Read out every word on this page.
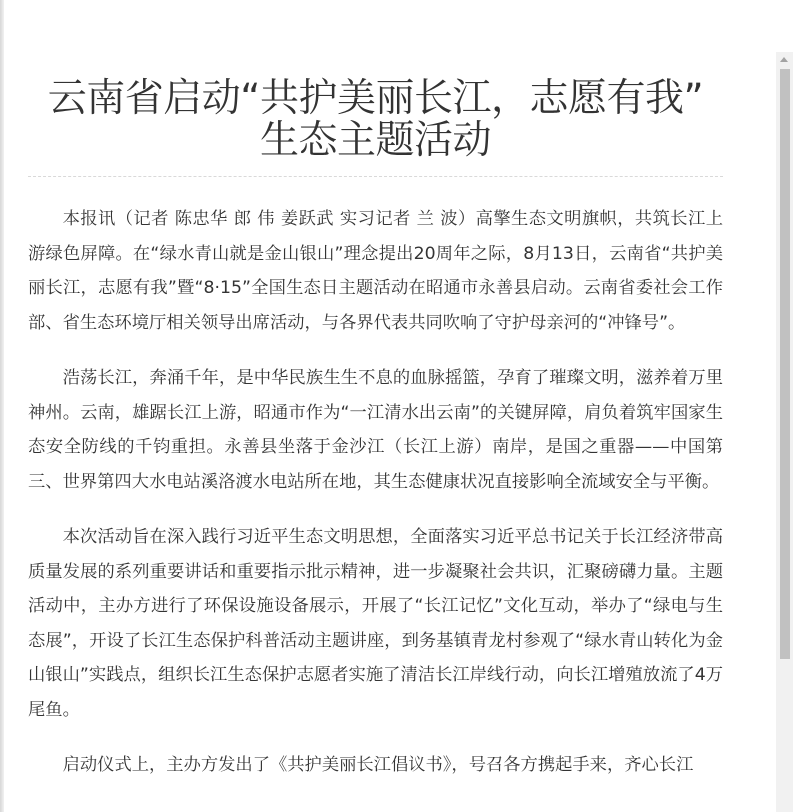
云南省启动“共护美丽长江，志愿有我”
生态主题活动

本报讯（记者 陈忠华 郎 伟 姜跃武 实习记者 兰 波）高擎生态文明旗帜，共筑长江上游绿色屏障。在“绿水青山就是金山银山”理念提出20周年之际，8月13日，云南省“共护美丽长江，志愿有我”暨“8·15”全国生态日主题活动在昭通市永善县启动。云南省委社会工作部、省生态环境厅相关领导出席活动，与各界代表共同吹响了守护母亲河的“冲锋号”。

浩荡长江，奔涌千年，是中华民族生生不息的血脉摇篮，孕育了璀璨文明，滋养着万里神州。云南，雄踞长江上游，昭通市作为“一江清水出云南”的关键屏障，肩负着筑牢国家生态安全防线的千钧重担。永善县坐落于金沙江（长江上游）南岸，是国之重器——中国第三、世界第四大水电站溪洛渡水电站所在地，其生态健康状况直接影响全流域安全与平衡。

本次活动旨在深入践行习近平生态文明思想，全面落实习近平总书记关于长江经济带高质量发展的系列重要讲话和重要指示批示精神，进一步凝聚社会共识，汇聚磅礴力量。主题活动中，主办方进行了环保设施设备展示，开展了“长江记忆”文化互动，举办了“绿电与生态展”，开设了长江生态保护科普活动主题讲座，到务基镇青龙村参观了“绿水青山转化为金山银山”实践点，组织长江生态保护志愿者实施了清洁长江岸线行动，向长江增殖放流了4万尾鱼。

启动仪式上，主办方发出了《共护美丽长江倡议书》，号召各方携起手来，齐心长江
